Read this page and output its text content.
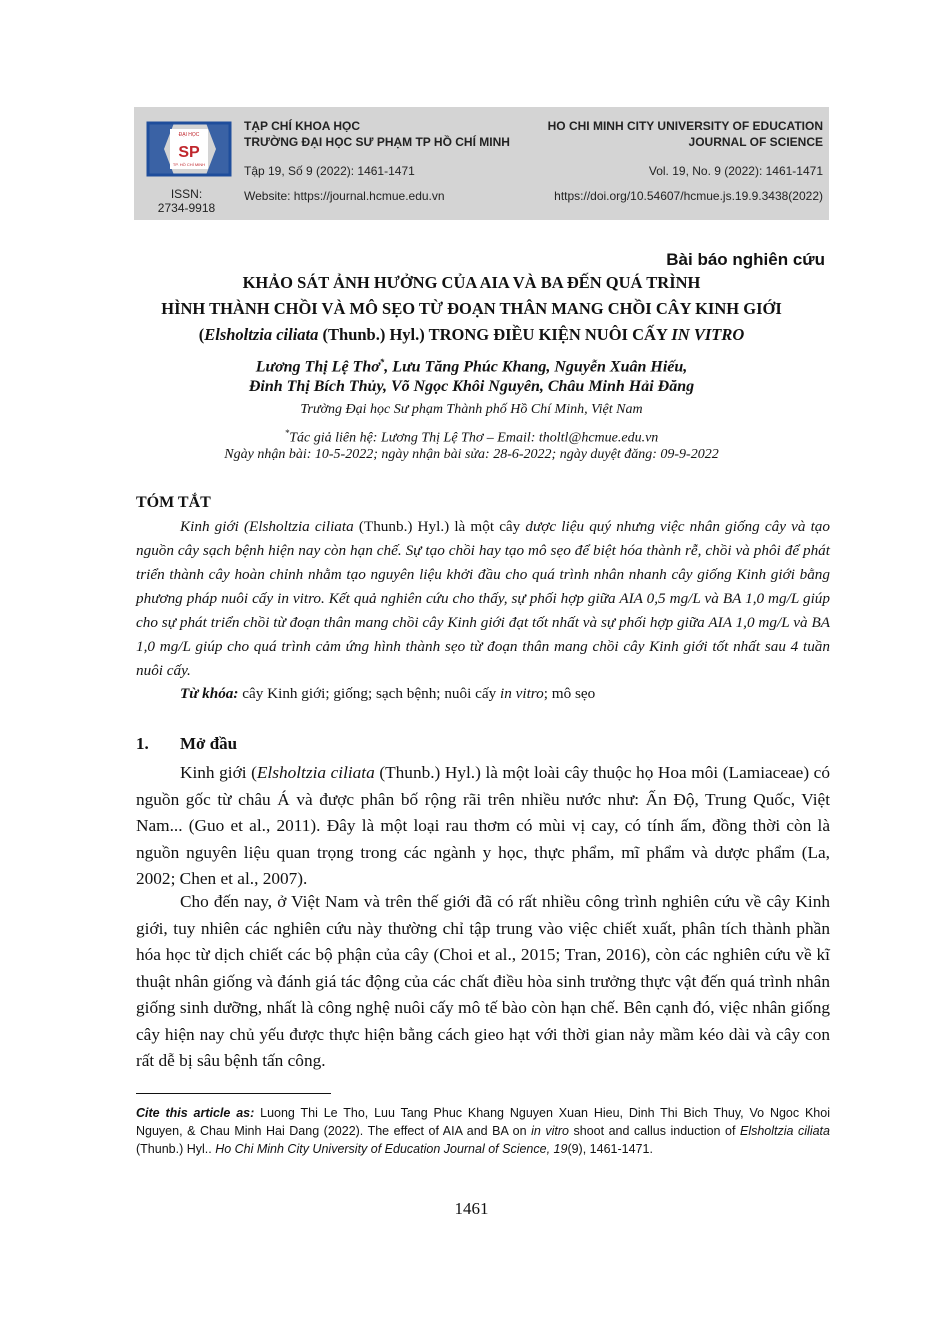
ĐẠI HỌC
SP
TP. HỒ CHÍ MINH
ISSN:
2734-9918
TẠP CHÍ KHOA HỌC
TRƯỜNG ĐẠI HỌC SƯ PHẠM TP HỒ CHÍ MINH
Tập 19, Số 9 (2022): 1461-1471
Website: https://journal.hcmue.edu.vn
HO CHI MINH CITY UNIVERSITY OF EDUCATION
JOURNAL OF SCIENCE
Vol. 19, No. 9 (2022): 1461-1471
https://doi.org/10.54607/hcmue.js.19.9.3438(2022)
Bài báo nghiên cứu
KHẢO SÁT ẢNH HƯỞNG CỦA AIA VÀ BA ĐẾN QUÁ TRÌNH
HÌNH THÀNH CHỒI VÀ MÔ SẸO TỪ ĐOẠN THÂN MANG CHỒI CÂY KINH GIỚI
(Elsholtzia ciliata (Thunb.) Hyl.) TRONG ĐIỀU KIỆN NUÔI CẤY IN VITRO
Lương Thị Lệ Thơ*, Lưu Tăng Phúc Khang, Nguyễn Xuân Hiếu,
Đinh Thị Bích Thủy, Võ Ngọc Khôi Nguyên, Châu Minh Hải Đăng
Trường Đại học Sư phạm Thành phố Hồ Chí Minh, Việt Nam
*Tác giả liên hệ: Lương Thị Lệ Thơ – Email: tholtl@hcmue.edu.vn
Ngày nhận bài: 10-5-2022; ngày nhận bài sửa: 28-6-2022; ngày duyệt đăng: 09-9-2022
TÓM TẮT

Kinh giới (Elsholtzia ciliata (Thunb.) Hyl.) là một cây dược liệu quý nhưng việc nhân giống cây và tạo nguồn cây sạch bệnh hiện nay còn hạn chế. Sự tạo chồi hay tạo mô sẹo để biệt hóa thành rễ, chồi và phôi để phát triển thành cây hoàn chỉnh nhằm tạo nguyên liệu khởi đầu cho quá trình nhân nhanh cây giống Kinh giới bằng phương pháp nuôi cấy in vitro. Kết quả nghiên cứu cho thấy, sự phối hợp giữa AIA 0,5 mg/L và BA 1,0 mg/L giúp cho sự phát triển chồi từ đoạn thân mang chồi cây Kinh giới đạt tốt nhất và sự phối hợp giữa AIA 1,0 mg/L và BA 1,0 mg/L giúp cho quá trình cảm ứng hình thành sẹo từ đoạn thân mang chồi cây Kinh giới tốt nhất sau 4 tuần nuôi cấy.

Từ khóa: cây Kinh giới; giống; sạch bệnh; nuôi cấy in vitro; mô sẹo
1. Mở đầu

Kinh giới (Elsholtzia ciliata (Thunb.) Hyl.) là một loài cây thuộc họ Hoa môi (Lamiaceae) có nguồn gốc từ châu Á và được phân bố rộng rãi trên nhiều nước như: Ấn Độ, Trung Quốc, Việt Nam... (Guo et al., 2011). Đây là một loại rau thơm có mùi vị cay, có tính ấm, đồng thời còn là nguồn nguyên liệu quan trọng trong các ngành y học, thực phẩm, mĩ phẩm và dược phẩm (La, 2002; Chen et al., 2007).

Cho đến nay, ở Việt Nam và trên thế giới đã có rất nhiều công trình nghiên cứu về cây Kinh giới, tuy nhiên các nghiên cứu này thường chỉ tập trung vào việc chiết xuất, phân tích thành phần hóa học từ dịch chiết các bộ phận của cây (Choi et al., 2015; Tran, 2016), còn các nghiên cứu về kĩ thuật nhân giống và đánh giá tác động của các chất điều hòa sinh trưởng thực vật đến quá trình nhân giống sinh dưỡng, nhất là công nghệ nuôi cấy mô tế bào còn hạn chế. Bên cạnh đó, việc nhân giống cây hiện nay chủ yếu được thực hiện bằng cách gieo hạt với thời gian nảy mầm kéo dài và cây con rất dễ bị sâu bệnh tấn công.

Cite this article as: Luong Thi Le Tho, Luu Tang Phuc Khang Nguyen Xuan Hieu, Dinh Thi Bich Thuy, Vo Ngoc Khoi Nguyen, & Chau Minh Hai Dang (2022). The effect of AIA and BA on in vitro shoot and callus induction of Elsholtzia ciliata (Thunb.) Hyl.. Ho Chi Minh City University of Education Journal of Science, 19(9), 1461-1471.

1461
